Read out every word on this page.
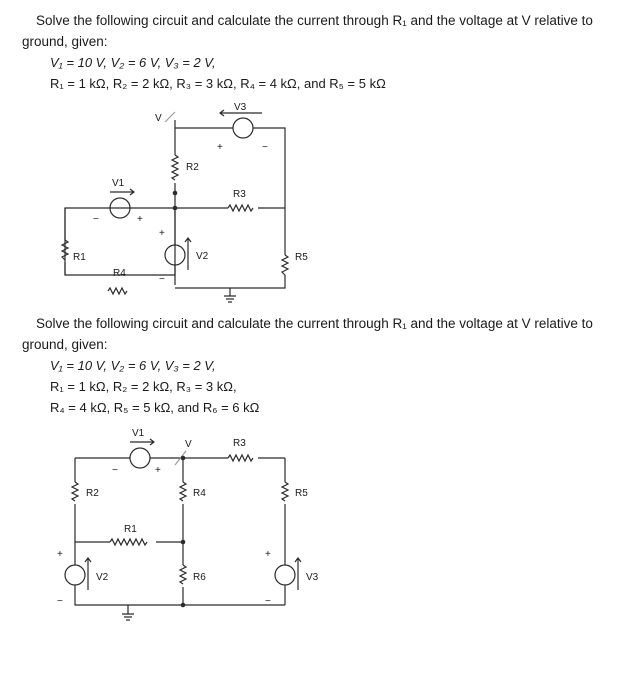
Solve the following circuit and calculate the current through R₁ and the voltage at V relative to
ground, given:
V₁ = 10 V, V₂ = 6 V, V₃ = 2 V,
R₁ = 1 kΩ, R₂ = 2 kΩ, R₃ = 3 kΩ, R₄ = 4 kΩ, and R₅ = 5 kΩ
V
V3
+	−
R2
V1
−	+
R3
+
−
V2
R1	R5
R4
Solve the following circuit and calculate the current through R₁ and the voltage at V relative to
ground, given:
V₁ = 10 V, V₂ = 6 V, V₃ = 2 V,
R₁ = 1 kΩ, R₂ = 2 kΩ, R₃ = 3 kΩ,
R₄ = 4 kΩ, R₅ = 5 kΩ, and R₆ = 6 kΩ
V1
V	R3
−	+
R2	R4	R5
R1
+
−
V2	R6
+
−
V3
